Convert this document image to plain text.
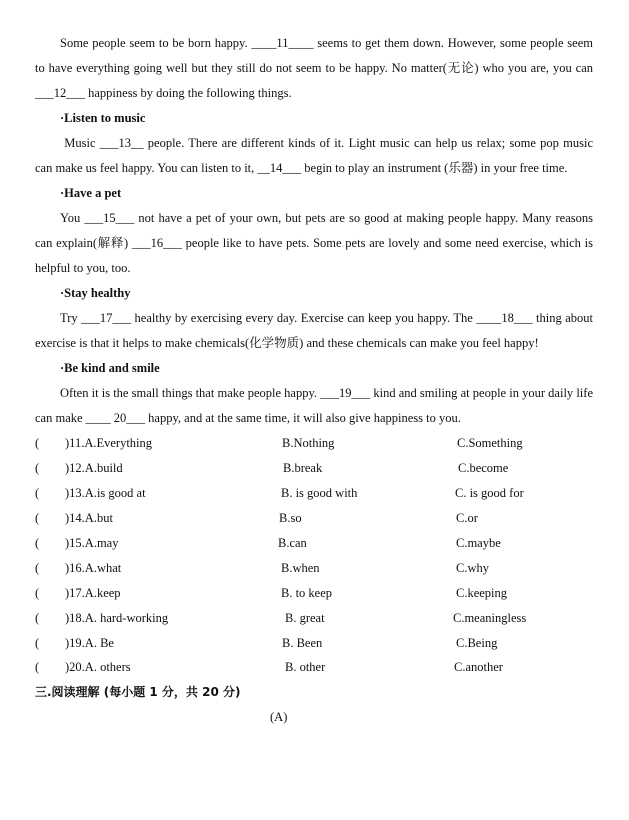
Some people seem to be born happy. ____11____ seems to get them down. However, some people seem to have everything going well but they still do not seem to be happy. No matter(无论) who you are, you can ___12___ happiness by doing the following things.

·Listen to music

Music ___13__ people. There are different kinds of it. Light music can help us relax; some pop music can make us feel happy. You can listen to it, __14___ begin to play an instrument (乐器) in your free time.

·Have a pet

You ___15___ not have a pet of your own, but pets are so good at making people happy. Many reasons can explain(解释) ___16___ people like to have pets. Some pets are lovely and some need exercise, which is helpful to you, too.

·Stay healthy

Try ___17___ healthy by exercising every day. Exercise can keep you happy. The ____18___ thing about exercise is that it helps to make chemicals(化学物质) and these chemicals can make you feel happy!

·Be kind and smile

Often it is the small things that make people happy. ___19___ kind and smiling at people in your daily life can make ____ 20___ happy, and at the same time, it will also give happiness to you.

( )11.A.Everything	B.Nothing	C.Something
( )12.A.build	B.break	C.become
( )13.A.is good at	B. is good with	C. is good for
( )14.A.but	B.so	C.or
( )15.A.may	B.can	C.maybe
( )16.A.what	B.when	C.why
( )17.A.keep	B. to keep	C.keeping
( )18.A. hard-working	B. great	C.meaningless
( )19.A. Be	B. Been	C.Being
( )20.A. others	B. other	C.another
三.阅读理解 (每小题 1 分，共 20 分)
(A)
